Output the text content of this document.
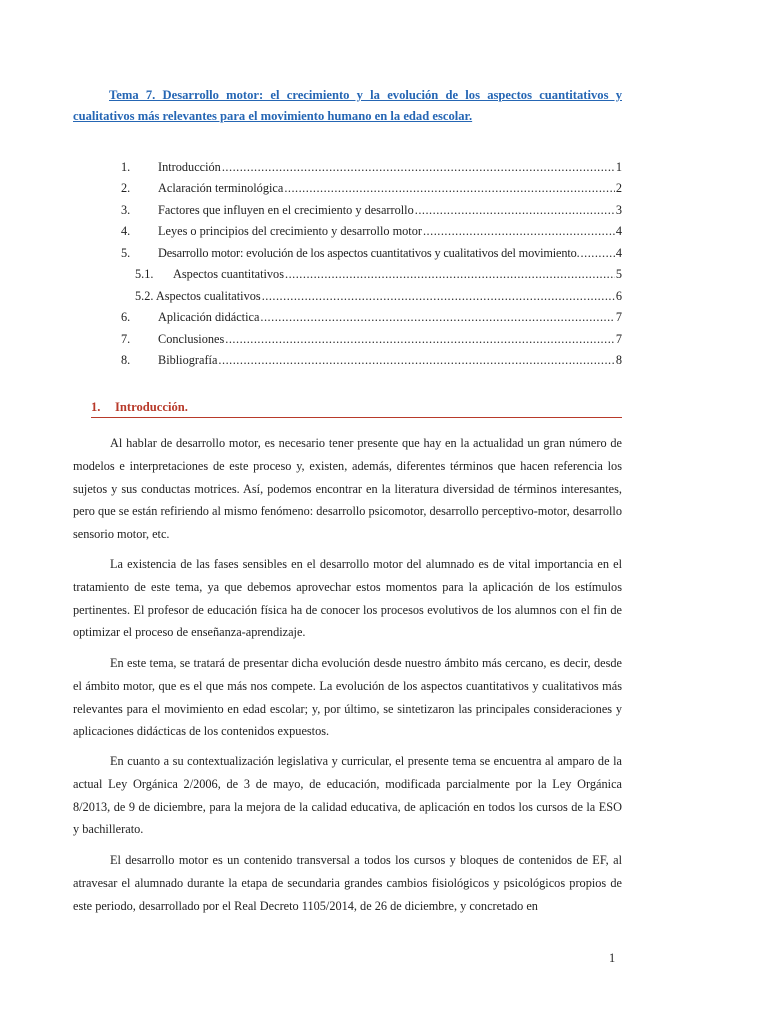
Tema 7. Desarrollo motor: el crecimiento y la evolución de los aspectos cuantitativos y cualitativos más relevantes para el movimiento humano en la edad escolar.
1. Introducción .....	1
2. Aclaración terminológica .....	2
3. Factores que influyen en el crecimiento y desarrollo .....	3
4. Leyes o principios del crecimiento y desarrollo motor .....	4
5. Desarrollo motor: evolución de los aspectos cuantitativos y cualitativos del movimiento. .....	4
5.1. Aspectos cuantitativos .....	5
5.2. Aspectos cualitativos .....	6
6. Aplicación didáctica .....	7
7. Conclusiones .....	7
8. Bibliografía .....	8
1. Introducción.

Al hablar de desarrollo motor, es necesario tener presente que hay en la actualidad un gran número de modelos e interpretaciones de este proceso y, existen, además, diferentes términos que hacen referencia los sujetos y sus conductas motrices. Así, podemos encontrar en la literatura diversidad de términos interesantes, pero que se están refiriendo al mismo fenómeno: desarrollo psicomotor, desarrollo perceptivo-motor, desarrollo sensorio motor, etc.

La existencia de las fases sensibles en el desarrollo motor del alumnado es de vital importancia en el tratamiento de este tema, ya que debemos aprovechar estos momentos para la aplicación de los estímulos pertinentes. El profesor de educación física ha de conocer los procesos evolutivos de los alumnos con el fin de optimizar el proceso de enseñanza-aprendizaje.

En este tema, se tratará de presentar dicha evolución desde nuestro ámbito más cercano, es decir, desde el ámbito motor, que es el que más nos compete. La evolución de los aspectos cuantitativos y cualitativos más relevantes para el movimiento en edad escolar; y, por último, se sintetizaron las principales consideraciones y aplicaciones didácticas de los contenidos expuestos.

En cuanto a su contextualización legislativa y curricular, el presente tema se encuentra al amparo de la actual Ley Orgánica 2/2006, de 3 de mayo, de educación, modificada parcialmente por la Ley Orgánica 8/2013, de 9 de diciembre, para la mejora de la calidad educativa, de aplicación en todos los cursos de la ESO y bachillerato.

El desarrollo motor es un contenido transversal a todos los cursos y bloques de contenidos de EF, al atravesar el alumnado durante la etapa de secundaria grandes cambios fisiológicos y psicológicos propios de este periodo, desarrollado por el Real Decreto 1105/2014, de 26 de diciembre, y concretado en

1
